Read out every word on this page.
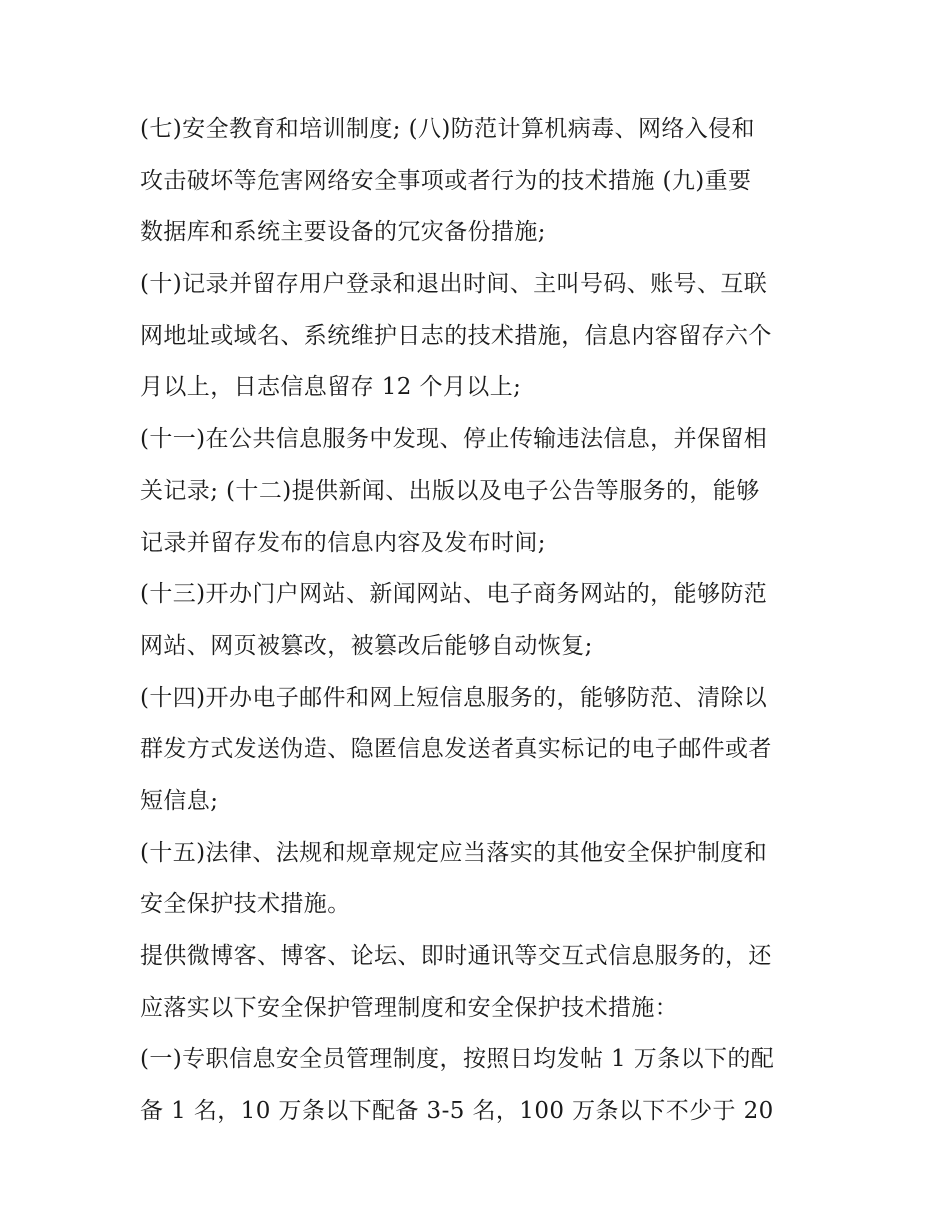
(七)安全教育和培训制度; (八)防范计算机病毒、网络入侵和
攻击破坏等危害网络安全事项或者行为的技术措施 (九)重要
数据库和系统主要设备的冗灾备份措施;
(十)记录并留存用户登录和退出时间、主叫号码、账号、互联
网地址或域名、系统维护日志的技术措施，信息内容留存六个
月以上，日志信息留存 12 个月以上;
(十一)在公共信息服务中发现、停止传输违法信息，并保留相
关记录; (十二)提供新闻、出版以及电子公告等服务的，能够
记录并留存发布的信息内容及发布时间;
(十三)开办门户网站、新闻网站、电子商务网站的，能够防范
网站、网页被篡改，被篡改后能够自动恢复;
(十四)开办电子邮件和网上短信息服务的，能够防范、清除以
群发方式发送伪造、隐匿信息发送者真实标记的电子邮件或者
短信息;
(十五)法律、法规和规章规定应当落实的其他安全保护制度和
安全保护技术措施。
提供微博客、博客、论坛、即时通讯等交互式信息服务的，还
应落实以下安全保护管理制度和安全保护技术措施：
(一)专职信息安全员管理制度，按照日均发帖 1 万条以下的配
备 1 名，10 万条以下配备 3-5 名，100 万条以下不少于 20
